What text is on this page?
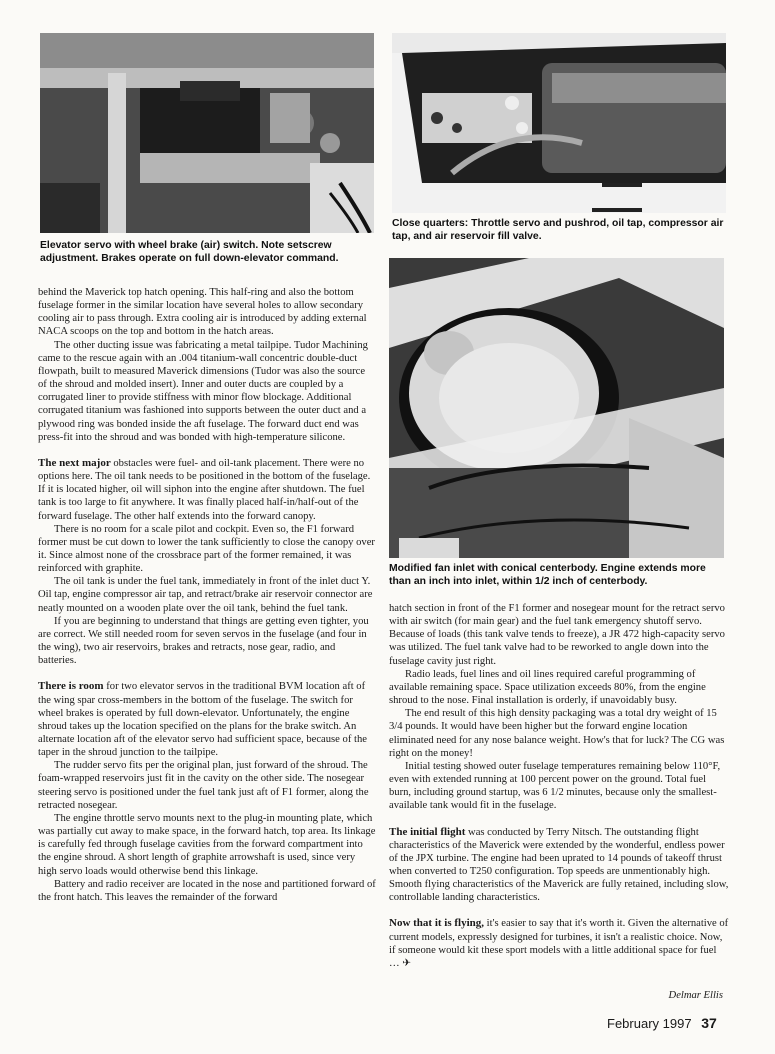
Elevator servo with wheel brake (air) switch. Note setscrew adjustment. Brakes operate on full down-elevator command.
Close quarters: Throttle servo and pushrod, oil tap, compressor air tap, and air reservoir fill valve.
Modified fan inlet with conical centerbody. Engine extends more than an inch into inlet, within 1/2 inch of centerbody.

behind the Maverick top hatch opening. This half-ring and also the bottom fuselage former in the similar location have several holes to allow secondary cooling air to pass through. Extra cooling air is introduced by adding external NACA scoops on the top and bottom in the hatch areas.

The other ducting issue was fabricating a metal tailpipe. Tudor Machining came to the rescue again with an .004 titanium-wall concentric double-duct flowpath, built to measured Maverick dimensions (Tudor was also the source of the shroud and molded insert). Inner and outer ducts are coupled by a corrugated liner to provide stiffness with minor flow blockage. Additional corrugated titanium was fashioned into supports between the outer duct and a plywood ring was bonded inside the aft fuselage. The forward duct end was press-fit into the shroud and was bonded with high-temperature silicone.

The next major obstacles were fuel- and oil-tank placement. There were no options here. The oil tank needs to be positioned in the bottom of the fuselage. If it is located higher, oil will siphon into the engine after shutdown. The fuel tank is too large to fit anywhere. It was finally placed half-in/half-out of the forward fuselage. The other half extends into the forward canopy.

There is no room for a scale pilot and cockpit. Even so, the F1 forward former must be cut down to lower the tank sufficiently to close the canopy over it. Since almost none of the crossbrace part of the former remained, it was reinforced with graphite.

The oil tank is under the fuel tank, immediately in front of the inlet duct Y. Oil tap, engine compressor air tap, and retract/brake air reservoir connector are neatly mounted on a wooden plate over the oil tank, behind the fuel tank.

If you are beginning to understand that things are getting even tighter, you are correct. We still needed room for seven servos in the fuselage (and four in the wing), two air reservoirs, brakes and retracts, nose gear, radio, and batteries.

There is room for two elevator servos in the traditional BVM location aft of the wing spar cross-members in the bottom of the fuselage. The switch for wheel brakes is operated by full down-elevator. Unfortunately, the engine shroud takes up the location specified on the plans for the brake switch. An alternate location aft of the elevator servo had sufficient space, because of the taper in the shroud junction to the tailpipe.

The rudder servo fits per the original plan, just forward of the shroud. The foam-wrapped reservoirs just fit in the cavity on the other side. The nosegear steering servo is positioned under the fuel tank just aft of F1 former, along the retracted nosegear.

The engine throttle servo mounts next to the plug-in mounting plate, which was partially cut away to make space, in the forward hatch, top area. Its linkage is carefully fed through fuselage cavities from the forward compartment into the engine shroud. A short length of graphite arrowshaft is used, since very high servo loads would otherwise bend this linkage.

Battery and radio receiver are located in the nose and partitioned forward of the front hatch. This leaves the remainder of the forward

hatch section in front of the F1 former and nosegear mount for the retract servo with air switch (for main gear) and the fuel tank emergency shutoff servo. Because of loads (this tank valve tends to freeze), a JR 472 high-capacity servo was utilized. The fuel tank valve had to be reworked to angle down into the fuselage cavity just right.

Radio leads, fuel lines and oil lines required careful programming of available remaining space. Space utilization exceeds 80%, from the engine shroud to the nose. Final installation is orderly, if unavoidably busy.

The end result of this high density packaging was a total dry weight of 15 3/4 pounds. It would have been higher but the forward engine location eliminated need for any nose balance weight. How's that for luck? The CG was right on the money!

Initial testing showed outer fuselage temperatures remaining below 110°F, even with extended running at 100 percent power on the ground. Total fuel burn, including ground startup, was 6 1/2 minutes, because only the smallest-available tank would fit in the fuselage.

The initial flight was conducted by Terry Nitsch. The outstanding flight characteristics of the Maverick were extended by the wonderful, endless power of the JPX turbine. The engine had been uprated to 14 pounds of takeoff thrust when converted to T250 configuration. Top speeds are unmentionably high. Smooth flying characteristics of the Maverick are fully retained, including slow, controllable landing characteristics.

Now that it is flying, it's easier to say that it's worth it. Given the alternative of current models, expressly designed for turbines, it isn't a realistic choice. Now, if someone would kit these sport models with a little additional space for fuel … ✈

Delmar Ellis
February 1997 37
